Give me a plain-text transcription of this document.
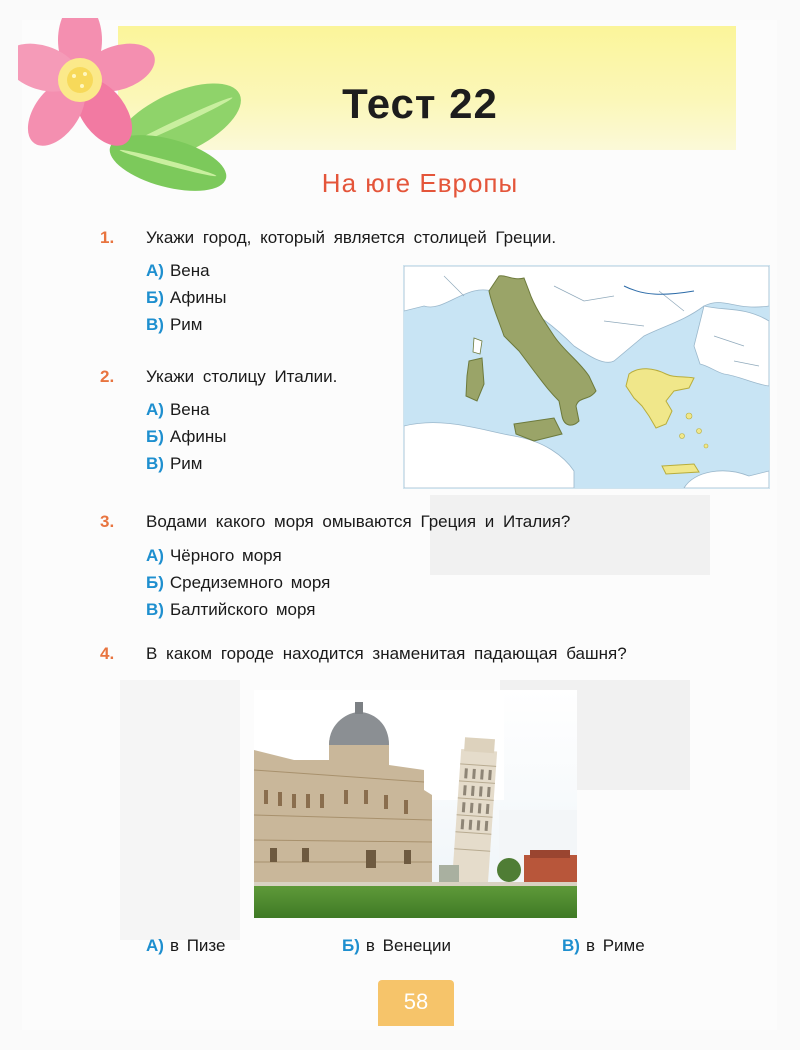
Тест 22
На юге Европы
1. Укажи город, который является столицей Греции.
А) Вена
Б) Афины
В) Рим
2. Укажи столицу Италии.
А) Вена
Б) Афины
В) Рим
3. Водами какого моря омываются Греция и Италия?
А) Чёрного моря
Б) Средиземного моря
В) Балтийского моря
4. В каком городе находится знаменитая падающая башня?
А) в Пизе	Б) в Венеции	В) в Риме
58
